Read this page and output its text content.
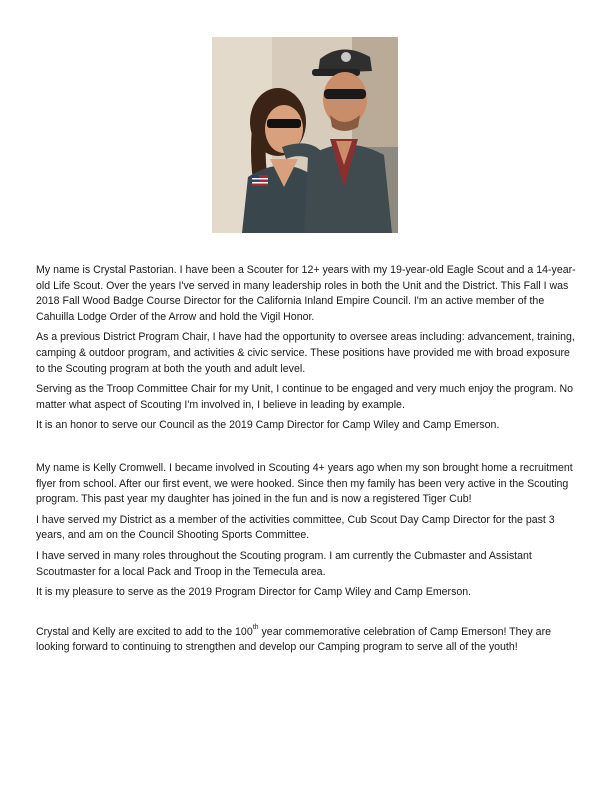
My name is Crystal Pastorian. I have been a Scouter for 12+ years with my 19-year-old Eagle Scout and a 14-year-old Life Scout. Over the years I've served in many leadership roles in both the Unit and the District. This Fall I was 2018 Fall Wood Badge Course Director for the California Inland Empire Council. I'm an active member of the Cahuilla Lodge Order of the Arrow and hold the Vigil Honor.

As a previous District Program Chair, I have had the opportunity to oversee areas including: advancement, training, camping & outdoor program, and activities & civic service. These positions have provided me with broad exposure to the Scouting program at both the youth and adult level.

Serving as the Troop Committee Chair for my Unit, I continue to be engaged and very much enjoy the program. No matter what aspect of Scouting I'm involved in, I believe in leading by example.

It is an honor to serve our Council as the 2019 Camp Director for Camp Wiley and Camp Emerson.

My name is Kelly Cromwell. I became involved in Scouting 4+ years ago when my son brought home a recruitment flyer from school. After our first event, we were hooked. Since then my family has been very active in the Scouting program. This past year my daughter has joined in the fun and is now a registered Tiger Cub!

I have served my District as a member of the activities committee, Cub Scout Day Camp Director for the past 3 years, and am on the Council Shooting Sports Committee.

I have served in many roles throughout the Scouting program. I am currently the Cubmaster and Assistant Scoutmaster for a local Pack and Troop in the Temecula area.

It is my pleasure to serve as the 2019 Program Director for Camp Wiley and Camp Emerson.

Crystal and Kelly are excited to add to the 100th year commemorative celebration of Camp Emerson! They are looking forward to continuing to strengthen and develop our Camping program to serve all of the youth!
